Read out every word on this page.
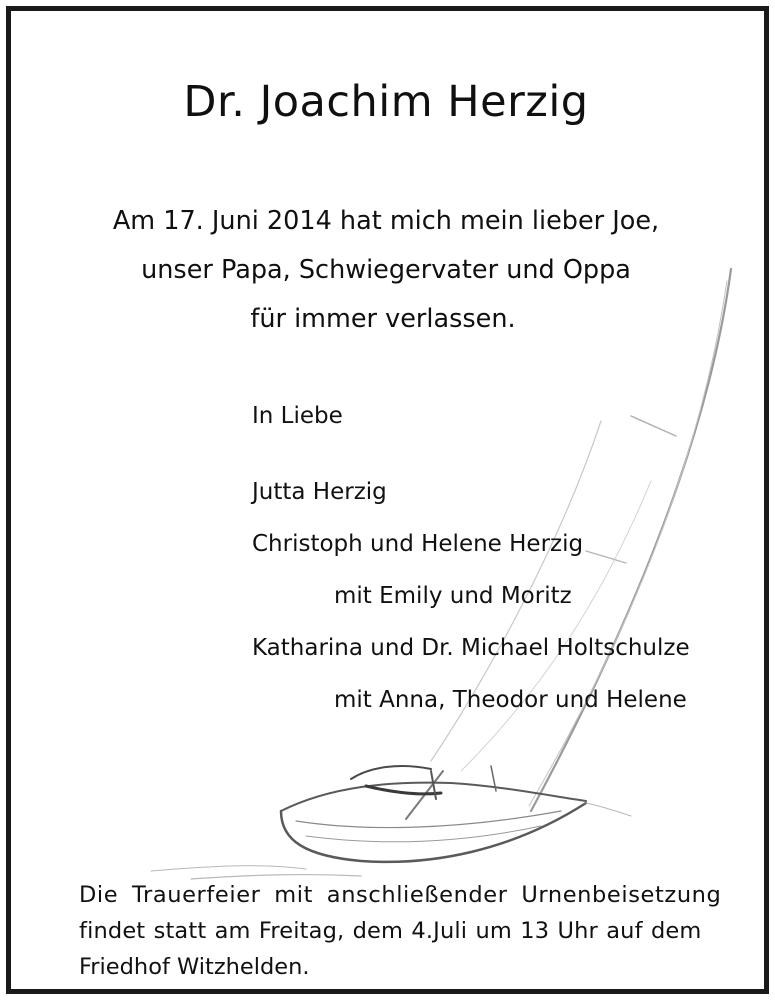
Dr. Joachim Herzig
Am 17. Juni 2014 hat mich mein lieber Joe,
unser Papa, Schwiegervater und Oppa
für immer verlassen.
In Liebe
Jutta Herzig
Christoph und Helene Herzig
mit Emily und Moritz
Katharina und Dr. Michael Holtschulze
mit Anna, Theodor und Helene
Die Trauerfeier mit anschließender Urnenbeisetzung
findet statt am Freitag, dem 4.Juli um 13 Uhr auf dem
Friedhof Witzhelden.
